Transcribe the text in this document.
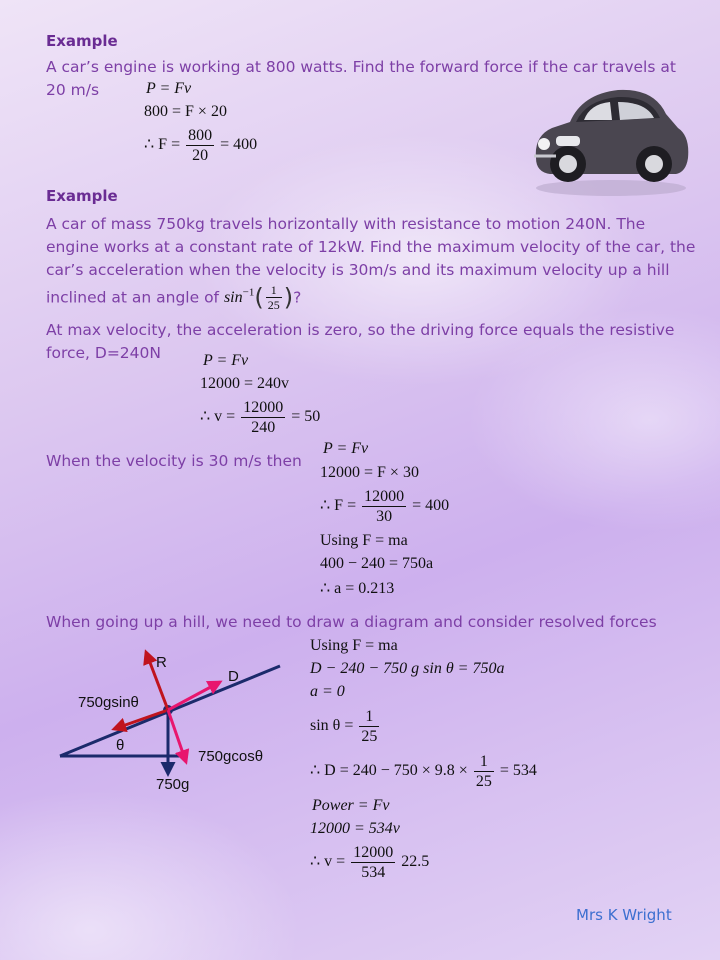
Example
A car’s engine is working at 800 watts. Find the forward force if the car travels at
20 m/s	P = Fv
800 = F × 20
∴ $F = \frac{800}{20} = 400$
Example
A car of mass 750kg travels horizontally with resistance to motion 240N. The
engine works at a constant rate of 12kW. Find the maximum velocity of the car, the
car’s acceleration when the velocity is 30m/s and its maximum velocity up a hill
inclined at an angle of $\sin^{-1}( \frac{1}{25}$ )?
At max velocity, the acceleration is zero, so the driving force equals the resistive
force, D=240N	P = Fv
12000 = 240v
∴ $v = \frac{12000}{240} = 50$
When the velocity is 30 m/s then
P = Fv
12000 = F × 30
∴ $F = \frac{12000}{30} = 400$
Using F = ma
400 − 240 = 750a
∴ a = 0.213
When going up a hill, we need to draw a diagram and consider resolved forces
Using F = ma
D − 240 − 750 g sin θ = 750a
a = 0
$\sin \theta = \frac{1}{25}$
∴ $D = 240 - 750 \times 9.8 \times \frac{1}{25} = 534$
Power = Fv
12000 = 534v
∴ $v = \frac{12000}{534} 22.5$
R
D
750gsinθ
θ
750gcosθ
750g
Mrs K Wright
